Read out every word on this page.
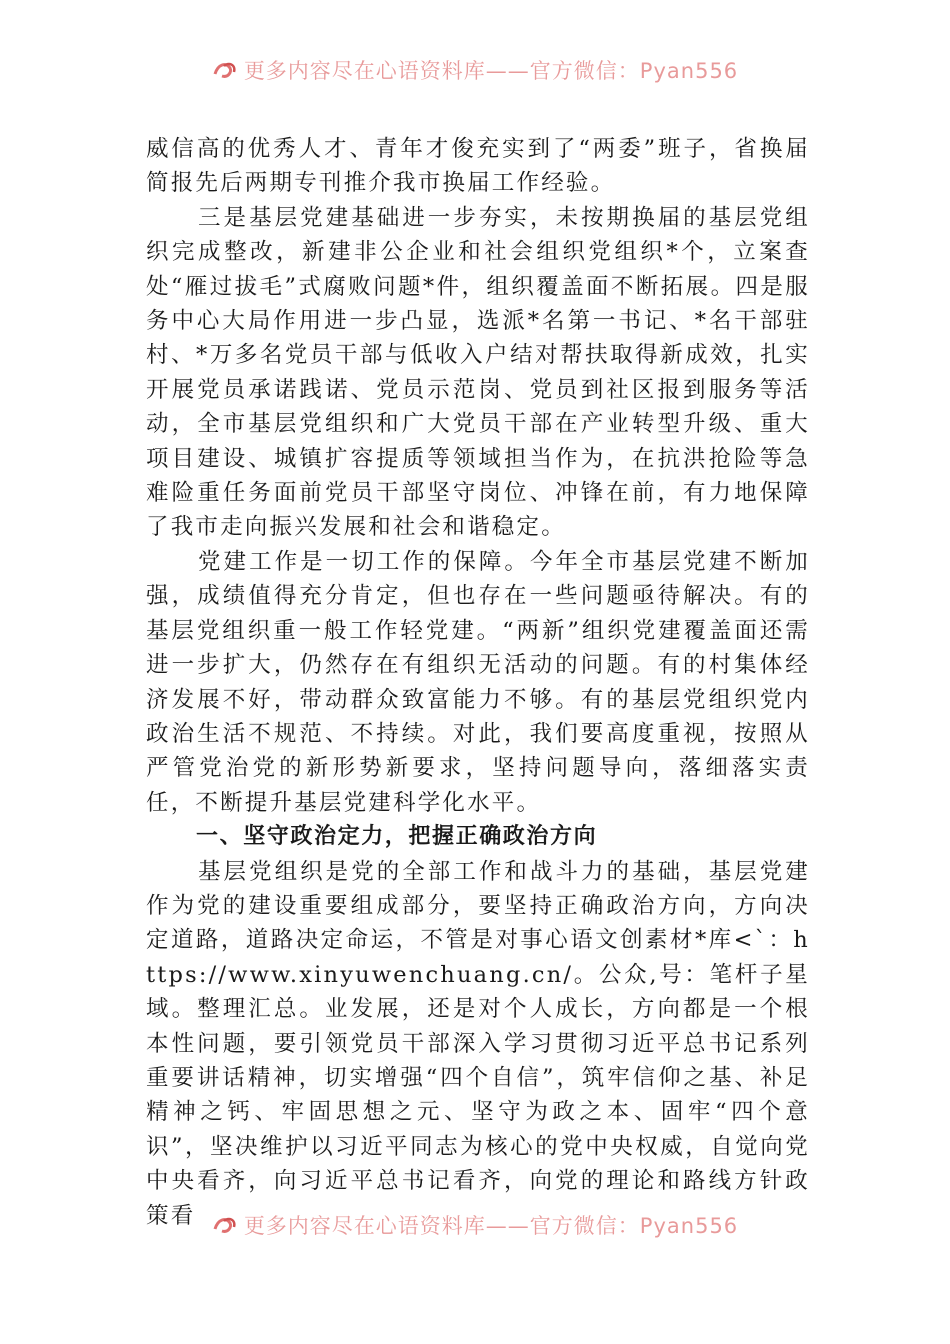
更多内容尽在心语资料库——官方微信：Pyan556

威信高的优秀人才、青年才俊充实到了“两委”班子，省换届简报先后两期专刊推介我市换届工作经验。

三是基层党建基础进一步夯实，未按期换届的基层党组织完成整改，新建非公企业和社会组织党组织*个，立案查处“雁过拔毛”式腐败问题*件，组织覆盖面不断拓展。四是服务中心大局作用进一步凸显，选派*名第一书记、*名干部驻村、*万多名党员干部与低收入户结对帮扶取得新成效，扎实开展党员承诺践诺、党员示范岗、党员到社区报到服务等活动，全市基层党组织和广大党员干部在产业转型升级、重大项目建设、城镇扩容提质等领域担当作为，在抗洪抢险等急难险重任务面前党员干部坚守岗位、冲锋在前，有力地保障了我市走向振兴发展和社会和谐稳定。

党建工作是一切工作的保障。今年全市基层党建不断加强，成绩值得充分肯定，但也存在一些问题亟待解决。有的基层党组织重一般工作轻党建。“两新”组织党建覆盖面还需进一步扩大，仍然存在有组织无活动的问题。有的村集体经济发展不好，带动群众致富能力不够。有的基层党组织党内政治生活不规范、不持续。对此，我们要高度重视，按照从严管党治党的新形势新要求，坚持问题导向，落细落实责任，不断提升基层党建科学化水平。

一、坚守政治定力，把握正确政治方向

基层党组织是党的全部工作和战斗力的基础，基层党建作为党的建设重要组成部分，要坚持正确政治方向，方向决定道路，道路决定命运，不管是对事心语文创素材*库<`：https://www.xinyuwenchuang.cn/。公众,号：笔杆子星域。整理汇总。业发展，还是对个人成长，方向都是一个根本性问题，要引领党员干部深入学习贯彻习近平总书记系列重要讲话精神，切实增强“四个自信”，筑牢信仰之基、补足精神之钙、牢固思想之元、坚守为政之本、固牢“四个意识”，坚决维护以习近平同志为核心的党中央权威，自觉向党中央看齐，向习近平总书记看齐，向党的理论和路线方针政策看	更多内容尽在心语资料库——官方微信：Pyan556
